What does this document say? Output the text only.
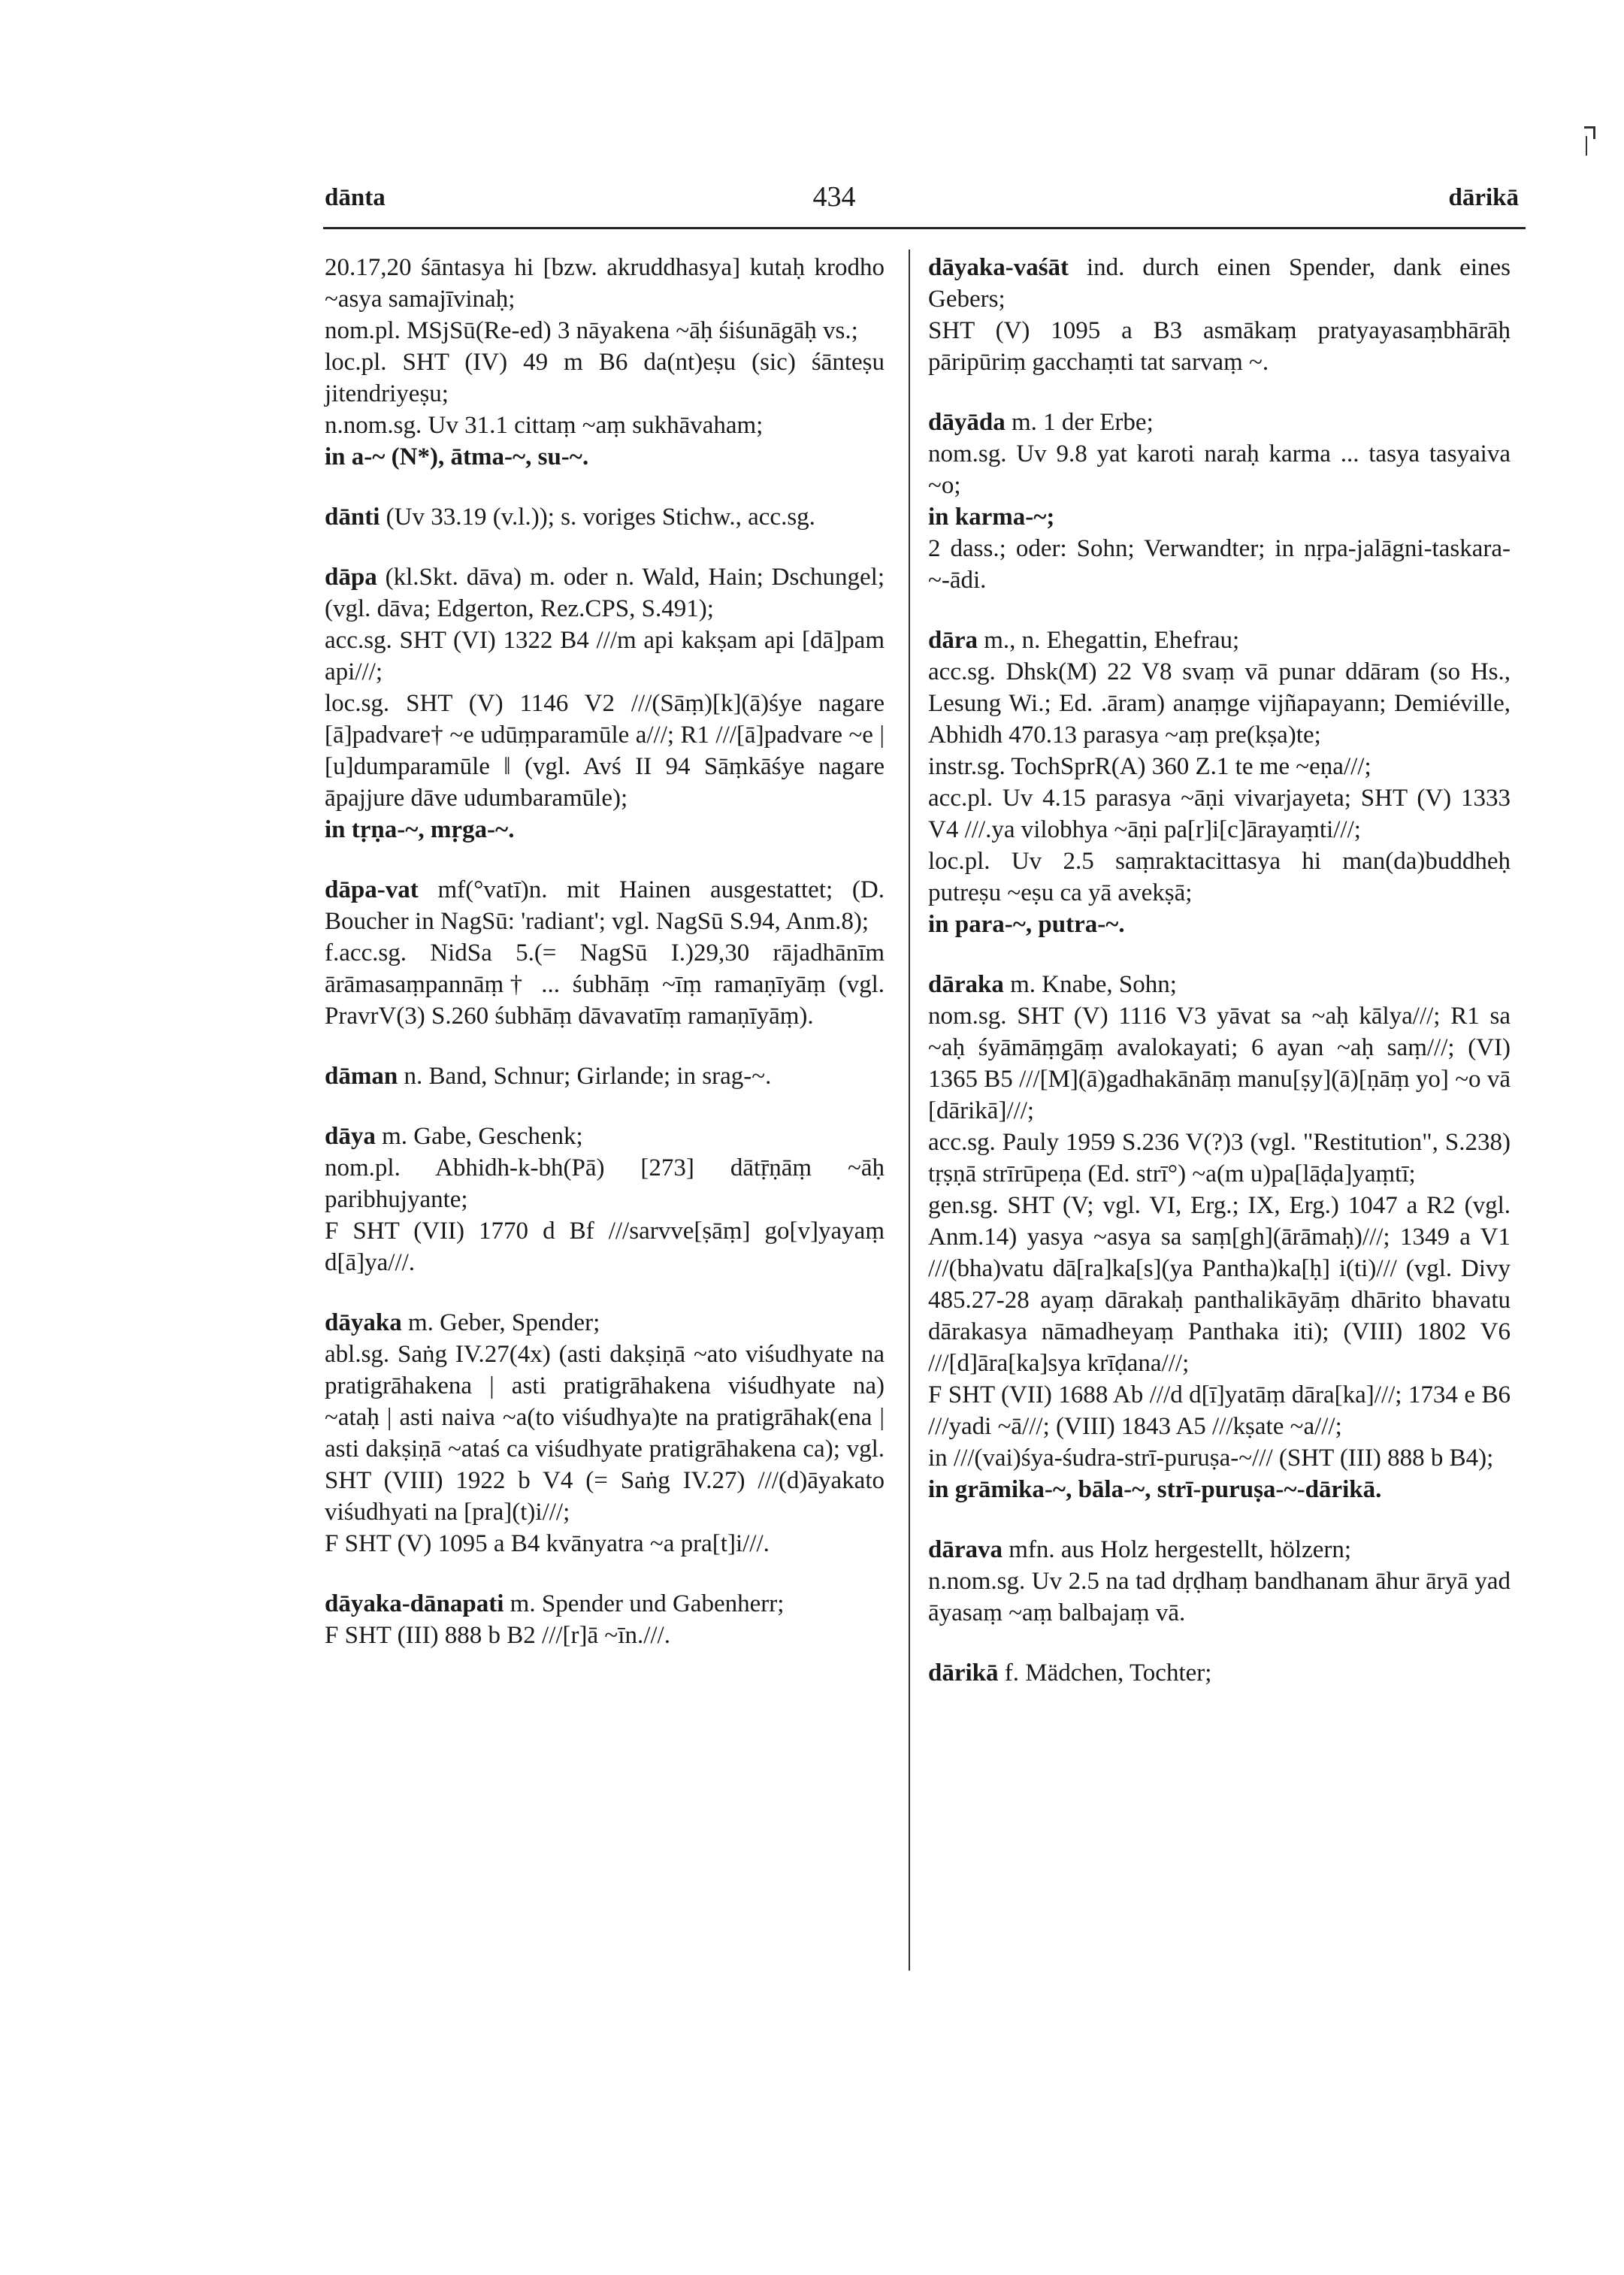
dānta	434	dārikā

20.17,20 śāntasya hi [bzw. akruddhasya] kutaḥ krodho ~asya samajīvinaḥ;

nom.pl. MSjSū(Re-ed) 3 nāyakena ~āḥ śiśunāgāḥ vs.;

loc.pl. SHT (IV) 49 m B6 da(nt)eṣu (sic) śānteṣu jitendriyeṣu;

n.nom.sg. Uv 31.1 cittaṃ ~aṃ sukhāvaham;

in a-~ (N*), ātma-~, su-~.

dānti (Uv 33.19 (v.l.)); s. voriges Stichw., acc.sg.

dāpa (kl.Skt. dāva) m. oder n. Wald, Hain; Dschungel; (vgl. dāva; Edgerton, Rez.CPS, S.491);

acc.sg. SHT (VI) 1322 B4 ///m api kakṣam api [dā]pam api///;

loc.sg. SHT (V) 1146 V2 ///(Sāṃ)[k](ā)śye nagare [ā]padvare† ~e udūṃparamūle a///; R1 ///[ā]padvare ~e | [u]dumparamūle ‖ (vgl. Avś II 94 Sāṃkāśye nagare āpajjure dāve udumbaramūle);

in tṛṇa-~, mṛga-~.

dāpa-vat mf(°vatī)n. mit Hainen ausgestattet; (D. Boucher in NagSū: 'radiant'; vgl. NagSū S.94, Anm.8);

f.acc.sg. NidSa 5.(= NagSū I.)29,30 rājadhānīm ārāmasaṃpannāṃ† ... śubhāṃ ~īṃ ramaṇīyāṃ (vgl. PravrV(3) S.260 śubhāṃ dāvavatīṃ ramaṇīyāṃ).

dāman n. Band, Schnur; Girlande; in srag-~.

dāya m. Gabe, Geschenk;

nom.pl. Abhidh-k-bh(Pā) [273] dātṝṇāṃ ~āḥ paribhujyante;

F SHT (VII) 1770 d Bf ///sarvve[ṣāṃ] go[v]yayaṃ d[ā]ya///.

dāyaka m. Geber, Spender;

abl.sg. Saṅg IV.27(4x) (asti dakṣiṇā ~ato viśudhyate na pratigrāhakena | asti pratigrāhakena viśudhyate na) ~ataḥ | asti naiva ~a(to viśudhya)te na pratigrāhak(ena | asti dakṣiṇā ~ataś ca viśudhyate pratigrāhakena ca); vgl. SHT (VIII) 1922 b V4 (= Saṅg IV.27) ///(d)āyakato viśudhyati na [pra](t)i///;

F SHT (V) 1095 a B4 kvānyatra ~a pra[t]i///.

dāyaka-dānapati m. Spender und Gabenherr;

F SHT (III) 888 b B2 ///[r]ā ~īn.///.

dāyaka-vaśāt ind. durch einen Spender, dank eines Gebers;

SHT (V) 1095 a B3 asmākaṃ pratyayasaṃbhārāḥ pāripūriṃ gacchaṃti tat sarvaṃ ~.

dāyāda m. 1 der Erbe;

nom.sg. Uv 9.8 yat karoti naraḥ karma ... tasya tasyaiva ~o;

in karma-~;

2 dass.; oder: Sohn; Verwandter; in nṛpa-jalāgni-taskara-~-ādi.

dāra m., n. Ehegattin, Ehefrau;

acc.sg. Dhsk(M) 22 V8 svaṃ vā punar ddāram (so Hs., Lesung Wi.; Ed. .āram) anaṃge vijñapayann; Demiéville, Abhidh 470.13 parasya ~aṃ pre(kṣa)te;

instr.sg. TochSprR(A) 360 Z.1 te me ~eṇa///;

acc.pl. Uv 4.15 parasya ~āṇi vivarjayeta; SHT (V) 1333 V4 ///.ya vilobhya ~āṇi pa[r]i[c]ārayaṃti///;

loc.pl. Uv 2.5 saṃraktacittasya hi man(da)buddheḥ putreṣu ~eṣu ca yā avekṣā;

in para-~, putra-~.

dāraka m. Knabe, Sohn;

nom.sg. SHT (V) 1116 V3 yāvat sa ~aḥ kālya///; R1 sa ~aḥ śyāmāṃgāṃ avalokayati; 6 ayan ~aḥ saṃ///; (VI) 1365 B5 ///[M](ā)gadhakānāṃ manu[ṣy](ā)[ṇāṃ yo] ~o vā [dārikā]///;

acc.sg. Pauly 1959 S.236 V(?)3 (vgl. "Restitution", S.238) tṛṣṇā strīrūpeṇa (Ed. strī°) ~a(m u)pa[lāḍa]yaṃtī;

gen.sg. SHT (V; vgl. VI, Erg.; IX, Erg.) 1047 a R2 (vgl. Anm.14) yasya ~asya sa saṃ[gh](ārāmaḥ)///; 1349 a V1 ///(bha)vatu dā[ra]ka[s](ya Pantha)ka[ḥ] i(ti)/// (vgl. Divy 485.27-28 ayaṃ dārakaḥ panthalikāyāṃ dhārito bhavatu dārakasya nāmadheyaṃ Panthaka iti); (VIII) 1802 V6 ///[d]āra[ka]sya krīḍana///;

F SHT (VII) 1688 Ab ///d d[ī]yatāṃ dāra[ka]///; 1734 e B6 ///yadi ~ā///; (VIII) 1843 A5 ///kṣate ~a///;

in ///(vai)śya-śudra-strī-puruṣa-~/// (SHT (III) 888 b B4);

in grāmika-~, bāla-~, strī-puruṣa-~-dārikā.

dārava mfn. aus Holz hergestellt, hölzern;

n.nom.sg. Uv 2.5 na tad dṛḍhaṃ bandhanam āhur āryā yad āyasaṃ ~aṃ balbajaṃ vā.

dārikā f. Mädchen, Tochter;
